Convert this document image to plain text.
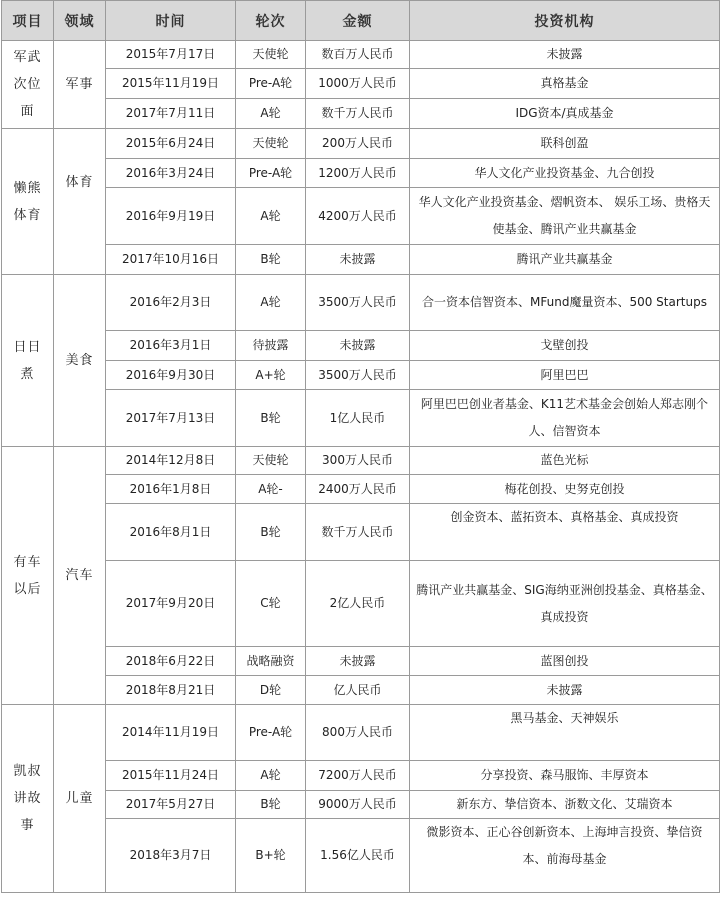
项目	领域	时间	轮次	金额	投资机构
军武次位面	军事	2015年7月17日	天使轮	数百万人民币	未披露
		2015年11月19日	Pre-A轮	1000万人民币	真格基金
		2017年7月11日	A轮	数千万人民币	IDG资本/真成基金
懒熊体育	体育	2015年6月24日	天使轮	200万人民币	联科创盈
		2016年3月24日	Pre-A轮	1200万人民币	华人文化产业投资基金、九合创投
		2016年9月19日	A轮	4200万人民币	华人文化产业投资基金、熠帆资本、 娱乐工场、贵格天使基金、腾讯产业共赢基金
		2017年10月16日	B轮	未披露	腾讯产业共赢基金
日日煮	美食	2016年2月3日	A轮	3500万人民币	合一资本信智资本、MFund魔量资本、500 Startups
		2016年3月1日	待披露	未披露	戈壁创投
		2016年9月30日	A+轮	3500万人民币	阿里巴巴
		2017年7月13日	B轮	1亿人民币	阿里巴巴创业者基金、K11艺术基金会创始人郑志刚个人、信智资本
有车以后	汽车	2014年12月8日	天使轮	300万人民币	蓝色光标
		2016年1月8日	A轮-	2400万人民币	梅花创投、史努克创投
		2016年8月1日	B轮	数千万人民币	创金资本、蓝拓资本、真格基金、真成投资
		2017年9月20日	C轮	2亿人民币	腾讯产业共赢基金、SIG海纳亚洲创投基金、真格基金、真成投资
		2018年6月22日	战略融资	未披露	蓝图创投
		2018年8月21日	D轮	亿人民币	未披露
凯叔讲故事	儿童	2014年11月19日	Pre-A轮	800万人民币	黑马基金、天神娱乐
		2015年11月24日	A轮	7200万人民币	分享投资、森马服饰、丰厚资本
		2017年5月27日	B轮	9000万人民币	新东方、挚信资本、浙数文化、艾瑞资本
		2018年3月7日	B+轮	1.56亿人民币	微影资本、正心谷创新资本、上海坤言投资、挚信资本、前海母基金
